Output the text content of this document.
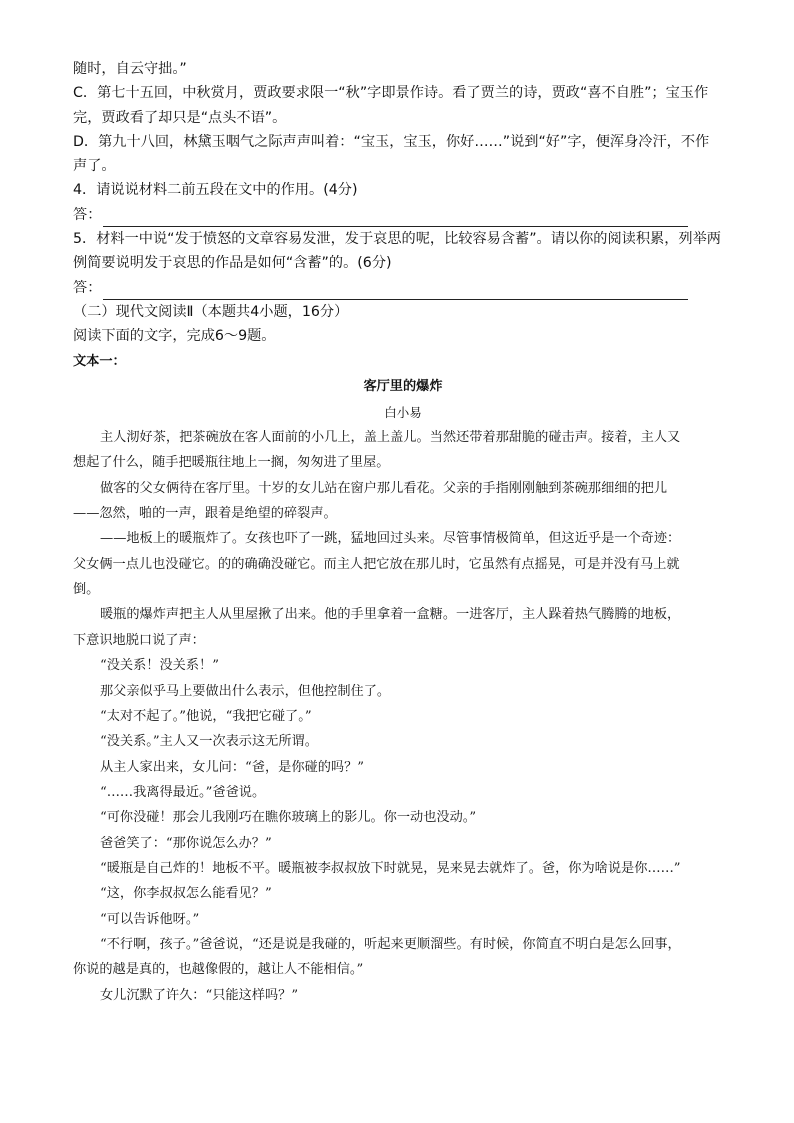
随时，自云守拙。”
C．第七十五回，中秋赏月，贾政要求限一“秋”字即景作诗。看了贾兰的诗，贾政“喜不自胜”；宝玉作
完，贾政看了却只是“点头不语”。
D．第九十八回，林黛玉咽气之际声声叫着：“宝玉，宝玉，你好……”说到“好”字，便浑身冷汗，不作
声了。
4．请说说材料二前五段在文中的作用。(4分)
答：
5．材料一中说“发于愤怒的文章容易发泄，发于哀思的呢，比较容易含蓄”。请以你的阅读积累，列举两
例简要说明发于哀思的作品是如何“含蓄”的。(6分)
答：
（二）现代文阅读Ⅱ（本题共4小题，16分）
阅读下面的文字，完成6～9题。
文本一：
客厅里的爆炸
白小易
主人沏好茶，把茶碗放在客人面前的小几上，盖上盖儿。当然还带着那甜脆的碰击声。接着，主人又
想起了什么，随手把暖瓶往地上一搁，匆匆进了里屋。
做客的父女俩待在客厅里。十岁的女儿站在窗户那儿看花。父亲的手指刚刚触到茶碗那细细的把儿
——忽然，啪的一声，跟着是绝望的碎裂声。
——地板上的暖瓶炸了。女孩也吓了一跳，猛地回过头来。尽管事情极简单，但这近乎是一个奇迹：
父女俩一点儿也没碰它。的的确确没碰它。而主人把它放在那儿时，它虽然有点摇晃，可是并没有马上就
倒。
暖瓶的爆炸声把主人从里屋揪了出来。他的手里拿着一盒糖。一进客厅，主人跺着热气腾腾的地板，
下意识地脱口说了声：
“没关系！没关系！”
那父亲似乎马上要做出什么表示，但他控制住了。
“太对不起了。”他说，“我把它碰了。”
“没关系。”主人又一次表示这无所谓。
从主人家出来，女儿问：“爸，是你碰的吗？”
“……我离得最近。”爸爸说。
“可你没碰！那会儿我刚巧在瞧你玻璃上的影儿。你一动也没动。”
爸爸笑了：“那你说怎么办？”
“暖瓶是自己炸的！地板不平。暖瓶被李叔叔放下时就晃，晃来晃去就炸了。爸，你为啥说是你……”
“这，你李叔叔怎么能看见？”
“可以告诉他呀。”
“不行啊，孩子。”爸爸说，“还是说是我碰的，听起来更顺溜些。有时候，你简直不明白是怎么回事，
你说的越是真的，也越像假的，越让人不能相信。”
女儿沉默了许久：“只能这样吗？”
